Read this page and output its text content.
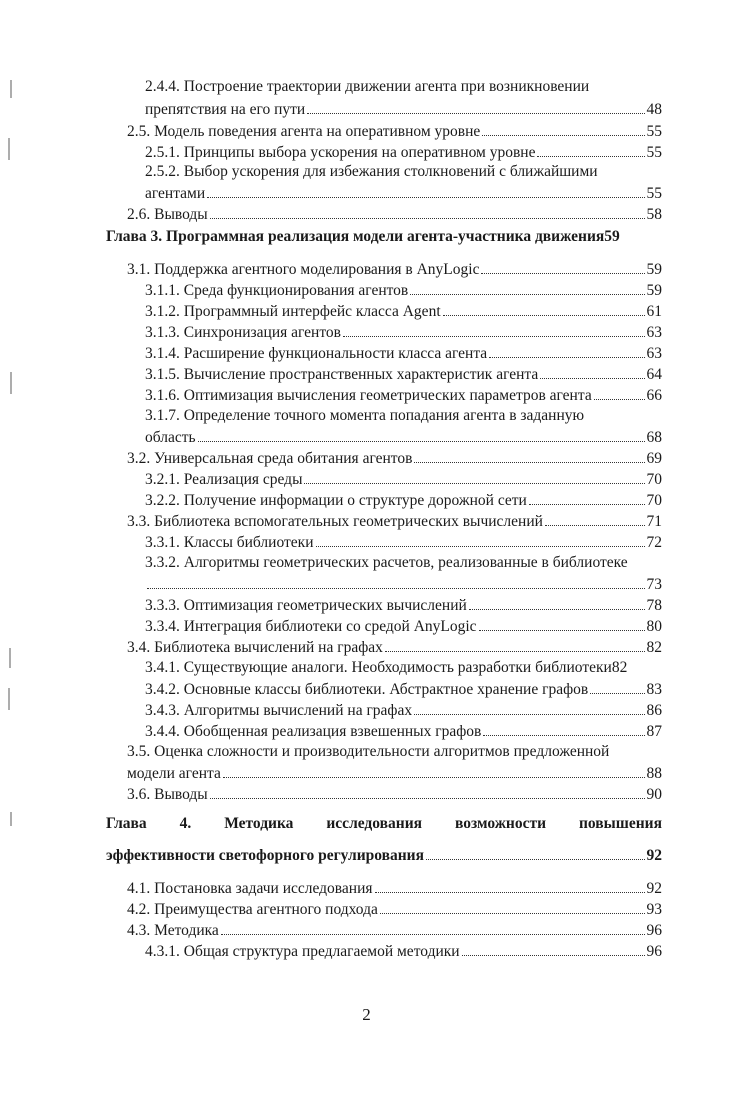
2.4.4. Построение траектории движении агента при возникновении
препятствия на его пути	48
2.5. Модель поведения агента на оперативном уровне	55
2.5.1. Принципы выбора ускорения на оперативном уровне	55
2.5.2. Выбор ускорения для избежания столкновений с ближайшими
агентами	55
2.6. Выводы	58
Глава 3. Программная реализация модели агента-участника движения59
3.1. Поддержка агентного моделирования в AnyLogic	59
3.1.1. Среда функционирования агентов	59
3.1.2. Программный интерфейс класса Agent	61
3.1.3. Синхронизация агентов	63
3.1.4. Расширение функциональности класса агента	63
3.1.5. Вычисление пространственных характеристик агента	64
3.1.6. Оптимизация вычисления геометрических параметров агента	66
3.1.7. Определение точного момента попадания агента в заданную
область	68
3.2. Универсальная среда обитания агентов	69
3.2.1. Реализация среды	70
3.2.2. Получение информации о структуре дорожной сети	70
3.3. Библиотека вспомогательных геометрических вычислений	71
3.3.1. Классы библиотеки	72
3.3.2. Алгоритмы геометрических расчетов, реализованные в библиотеке
73
3.3.3. Оптимизация геометрических вычислений	78
3.3.4. Интеграция библиотеки со средой AnyLogic	80
3.4. Библиотека вычислений на графах	82
3.4.1. Существующие аналоги. Необходимость разработки библиотеки 82
3.4.2. Основные классы библиотеки. Абстрактное хранение графов	83
3.4.3. Алгоритмы вычислений на графах	86
3.4.4. Обобщенная реализация взвешенных графов	87
3.5. Оценка сложности и производительности алгоритмов предложенной
модели агента	88
3.6. Выводы	90
Глава 4. Методика исследования возможности повышения
эффективности светофорного регулирования	92
4.1. Постановка задачи исследования	92
4.2. Преимущества агентного подхода	93
4.3. Методика	96
4.3.1. Общая структура предлагаемой методики	96
2
